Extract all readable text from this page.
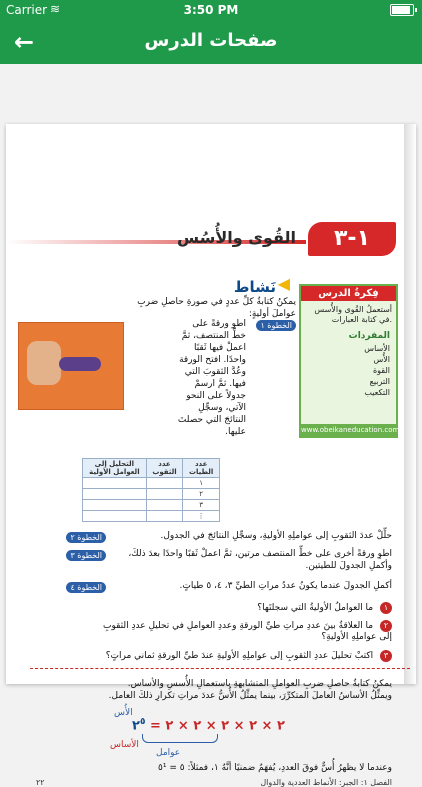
Carrier ≋	3:50 PM
←	صفحات الدرس
١-٣
القُوى والأُسُس
◀
نَشاط	فِكرةُ الدرس
أستعملُ القُوى والأُسس في كتابة العبارات.
المفردات
الأساس
الأُس
القوة
التربيع
التكعيب
www.obeikaneducation.com
يمكنُ كتابةُ كلِّ عددٍ في صورةِ حاصلِ ضربِ عواملَ أوليةٍ:
الخطوة ١
اطوِ ورقةً على خطِّ المنتصف، ثمَّ اعملْ فيها ثَقبًا واحدًا. افتح الورقة وعُدَّ الثقوبَ التي فيها. ثمَّ ارسمْ جدولاً على النحو الآتي، وسجِّلِ النتائجَ التي حصلتَ عليها.
التحليل إلى العوامل الأولية	عدد الثقوب	عدد الطيات
		١
		٢
		٣
		⋮
الخطوة ٢	حلِّلْ عددَ الثقوبِ إلى عواملِهِ الأوليةِ، وسجِّلِ النتائجَ في الجدول.
الخطوة ٣	اطوِ ورقةً أخرى على خطِّ المنتصف مرتين، ثمَّ اعملْ ثَقبًا واحدًا بعدَ ذلكَ، وأكملِ الجدولَ للطيتين.
الخطوة ٤	أكملِ الجدولَ عندما يكونُ عددُ مراتِ الطيِّ ٣، ٤، ٥ طياتٍ.
١ ما العواملُ الأوليةُ التي سجلتَها؟
٢ ما العلاقةُ بينَ عددِ مراتِ طيِّ الورقةِ وعددِ العواملِ في تحليلِ عددِ الثقوبِ إلى عواملِهِ الأوليةِ؟
٣ اكتبْ تحليلَ عددِ الثقوبِ إلى عواملِهِ الأوليةِ عندَ طيِّ الورقةِ ثماني مراتٍ؟
يمكنُ كتابةُ حاصلِ ضربِ العواملِ المتشابهةِ باستعمالِ الأُسسِ والأساس.
ويمثِّلُ الأساسُ العاملَ المتكرِّرَ، بينما يمثِّلُ الأُسُّ عددَ مراتِ تكرارِ ذلكَ العامل.
٢ × ٢ × ٢ × ٢ × ٢ = $٢^٥$
الأُس
الأساس
عوامل
وعندما لا يظهرُ أُسٌّ فوقَ العددِ، يُفهَمُ ضمنيًا أنَّهُ ١، فمثلاً: ٥ = ٥¹
الفصل ١: الجبر: الأنماط العددية والدوال
٢٢
